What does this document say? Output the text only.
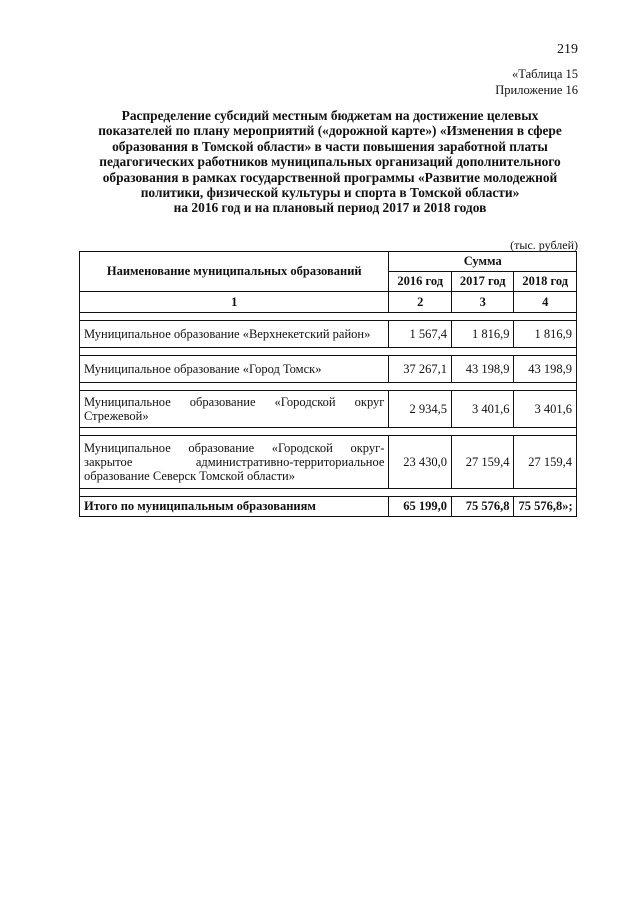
219
«Таблица 15
Приложение 16
Распределение субсидий местным бюджетам на достижение целевых
показателей по плану мероприятий («дорожной карте») «Изменения в сфере
образования в Томской области» в части повышения заработной платы
педагогических работников муниципальных организаций дополнительного
образования в рамках государственной программы «Развитие молодежной
политики, физической культуры и спорта в Томской области»
на 2016 год и на плановый период 2017 и 2018 годов
(тыс. рублей)
Наименование муниципальных образований	Сумма		
	2016 год	2017 год	2018 год
1	2	3	4

Муниципальное образование «Верхнекетский район»	1 567,4	1 816,9	1 816,9

Муниципальное образование «Город Томск»	37 267,1	43 198,9	43 198,9

Муниципальное образование «Городской округ Стрежевой»	2 934,5	3 401,6	3 401,6

Муниципальное образование «Городской округ-закрытое административно-территориальное образование Северск Томской области»	23 430,0	27 159,4	27 159,4

Итого по муниципальным образованиям	65 199,0	75 576,8	75 576,8»;
